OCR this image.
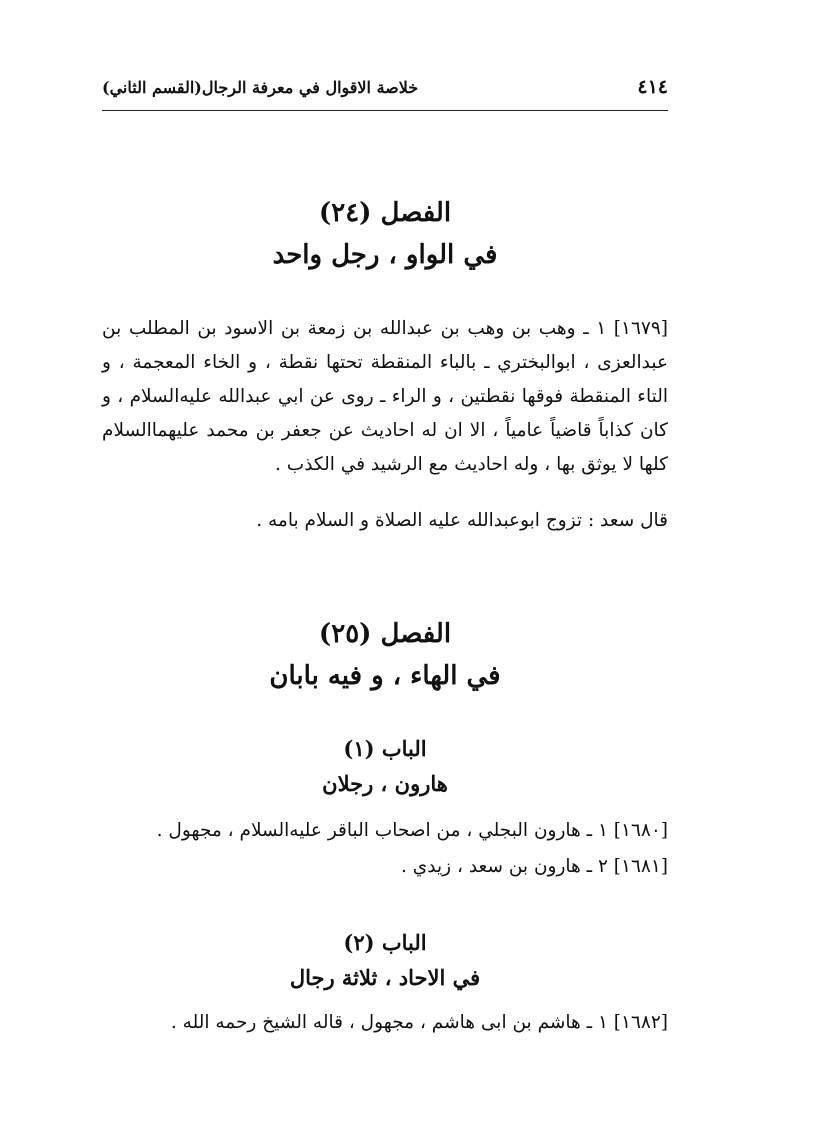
٤١٤
خلاصة الاقوال في معرفة الرجال(القسم الثاني)
الفصل (٢٤)
في الواو ، رجل واحد
[١٦٧٩] ١ ـ وهب بن وهب بن عبدالله بن زمعة بن الاسود بن المطلب بن عبدالعزى ، ابوالبختري ـ بالباء المنقطة تحتها نقطة ، و الخاء المعجمة ، و التاء المنقطة فوقها نقطتين ، و الراء ـ روى عن ابي عبدالله عليه‌السلام ، و كان كذاباً قاضياً عامياً ، الا ان له احاديث عن جعفر بن محمد عليهما‌السلام كلها لا يوثق بها ، وله احاديث مع الرشيد في الكذب .
قال سعد : تزوج ابوعبدالله عليه الصلاة و السلام بامه .
الفصل (٢٥)
في الهاء ، و فيه بابان
الباب (١)
هارون ، رجلان
[١٦٨٠] ١ ـ هارون البجلي ، من اصحاب الباقر عليه‌السلام ، مجهول .
[١٦٨١] ٢ ـ هارون بن سعد ، زيدي .
الباب (٢)
في الاحاد ، ثلاثة رجال
[١٦٨٢] ١ ـ هاشم بن ابى هاشم ، مجهول ، قاله الشيخ رحمه الله .
